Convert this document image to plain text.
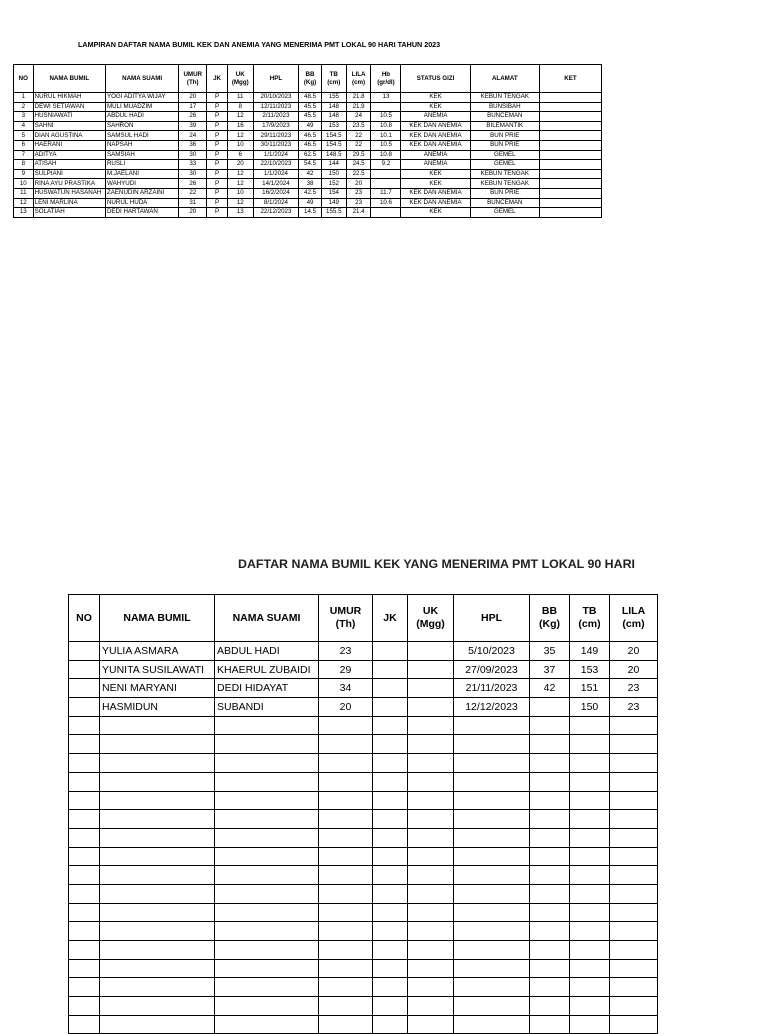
LAMPIRAN DAFTAR NAMA BUMIL KEK DAN ANEMIA YANG MENERIMA PMT LOKAL 90 HARI TAHUN 2023
NO	NAMA BUMIL	NAMA SUAMI	UMUR (Th)	JK	UK (Mgg)	HPL	BB (Kg)	TB (cm)	LILA (cm)	Hb (gr/dl)	STATUS GIZI	ALAMAT	KET
1	NURUL HIKMAH	YOGI ADITYA WIJAY	20	P	11	20/10/2023	48.5	155	21.8	13	KEK	KEBUN TENGAK	
2	DEWI SETIAWAN	MULI MUADZIM	17	P	8	12/11/2023	45.5	148	21.9		KEK	BUNSIBAH	
3	HUSNIAWATI	ABDUL HADI	26	P	12	2/11/2023	45.5	148	24	10.5	ANEMIA	BUNCEMAN	
4	SAHNI	SAHRON	39	P	16	17/9/2023	49	153	23.5	10.8	KEK DAN ANEMIA	BILEMANTIK	
5	DIAN AGUSTINA	SAMSUL HADI	24	P	12	29/11/2023	46.5	154.5	22	10.1	KEK DAN ANEMIA	BUN PRIE	
6	HAERANI	NAPSAH	36	P	10	30/11/2023	46.5	154.5	22	10.5	KEK DAN ANEMIA	BUN PRIE	
7	ADITYA	SAMSIAH	30	P	6	1/1/2024	62.5	148.5	29.5	10.8	ANEMIA	GEMEL	
8	ATISAH	RUSLI	33	P	20	22/10/2023	54.5	144	24.5	9.2	ANEMIA	GEMEL	
9	SULPIANI	M.JAELANI	30	P	12	1/1/2024	42	150	22.5		KEK	KEBUN TENGAK	
10	RINA AYU PRASTIKA	WAHYUDI	26	P	12	14/1/2024	38	152	20		KEK	KEBUN TENGAK	
11	HUSWATUN HASANAH	ZAENUDIN ARZAINI	22	P	10	16/2/2024	42.5	154	23	11.7	KEK DAN ANEMIA	BUN PRIE	
12	LENI MARLINA	NURUL HUDA	31	P	12	8/1/2024	49	149	23	10.6	KEK DAN ANEMIA	BUNCEMAN	
13	SOLATIAH	DEDI HARTAWAN	20	P	13	22/12/2023	14.5	155.5	21.4		KEK	GEMEL	
DAFTAR NAMA BUMIL KEK YANG MENERIMA PMT LOKAL 90 HARI
NO	NAMA BUMIL	NAMA SUAMI	UMUR (Th)	JK	UK (Mgg)	HPL	BB (Kg)	TB (cm)	LILA (cm)
	YULIA ASMARA	ABDUL HADI	23			5/10/2023	35	149	20
	YUNITA SUSILAWATI	KHAERUL ZUBAIDI	29			27/09/2023	37	153	20
	NENI MARYANI	DEDI HIDAYAT	34			21/11/2023	42	151	23
	HASMIDUN	SUBANDI	20			12/12/2023		150	23
